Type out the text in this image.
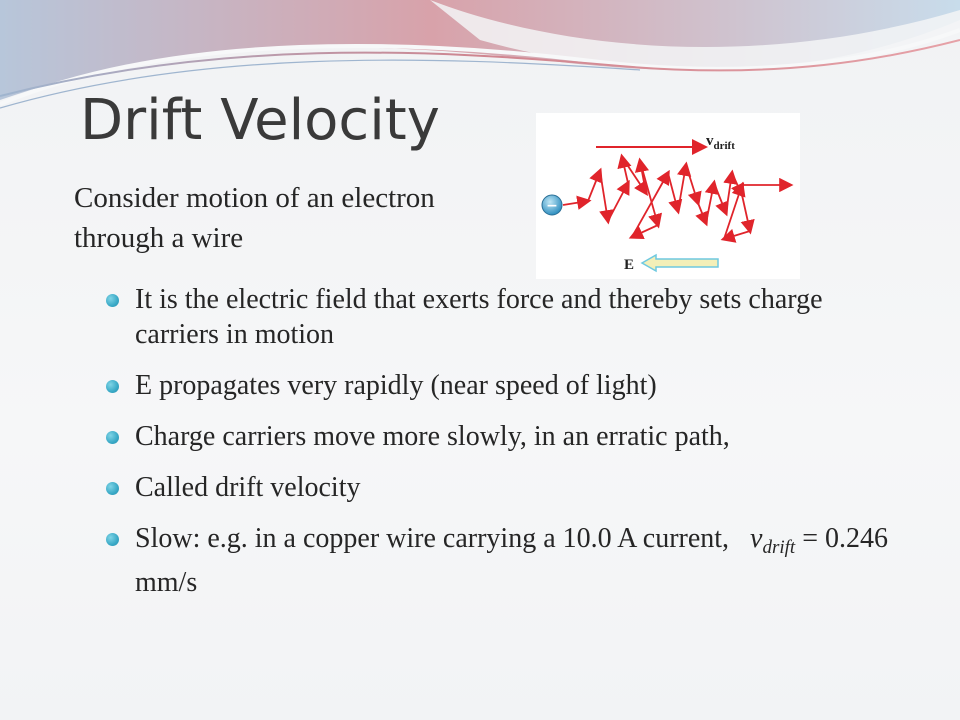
Drift Velocity

Consider motion of an electron through a wire

$v_{drift}$
−
E
It is the electric field that exerts force and thereby sets charge carriers in motion
E propagates very rapidly (near speed of light)
Charge carriers move more slowly, in an erratic path,
Called drift velocity
Slow: e.g. in a copper wire carrying a 10.0 A current, $v_{drift} = 0.246$ mm/s
